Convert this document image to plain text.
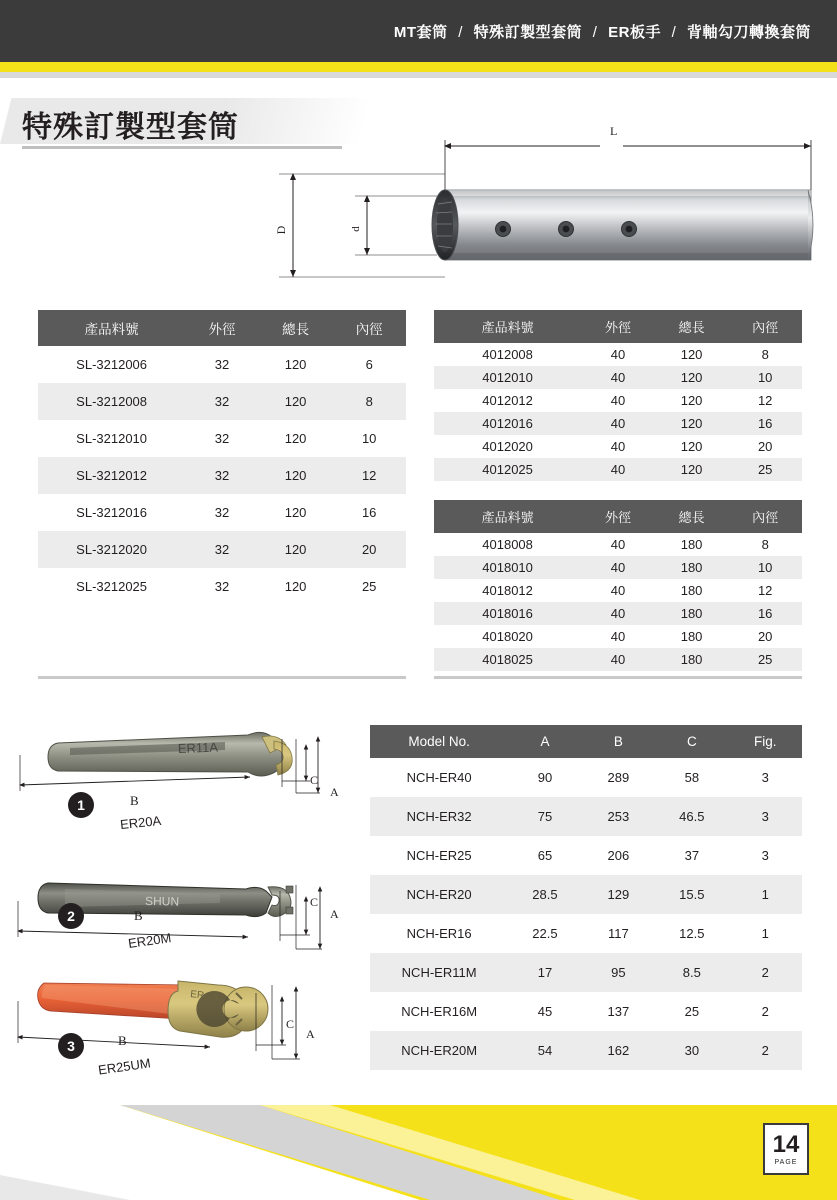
MT套筒 / 特殊訂製型套筒 / ER板手 / 背軸勾刀轉換套筒
特殊訂製型套筒	L
D	d
產品料號	外徑	總長	內徑
SL-3212006	32	120	6
SL-3212008	32	120	8
SL-3212010	32	120	10
SL-3212012	32	120	12
SL-3212016	32	120	16
SL-3212020	32	120	20
SL-3212025	32	120	25
產品料號	外徑	總長	內徑
4012008	40	120	8
4012010	40	120	10
4012012	40	120	12
4012016	40	120	16
4012020	40	120	20
4012025	40	120	25
產品料號	外徑	總長	內徑
4018008	40	180	8
4018010	40	180	10
4018012	40	180	12
4018016	40	180	16
4018020	40	180	20
4018025	40	180	25
ER11A
SHUN
ER-25
1	B
C
A
ER20A
2	B
C
A
ER20M
3	B
C
A
ER25UM
Model No.	A	B	C	Fig.
NCH-ER40	90	289	58	3
NCH-ER32	75	253	46.5	3
NCH-ER25	65	206	37	3
NCH-ER20	28.5	129	15.5	1
NCH-ER16	22.5	117	12.5	1
NCH-ER11M	17	95	8.5	2
NCH-ER16M	45	137	25	2
NCH-ER20M	54	162	30	2
14
PAGE
